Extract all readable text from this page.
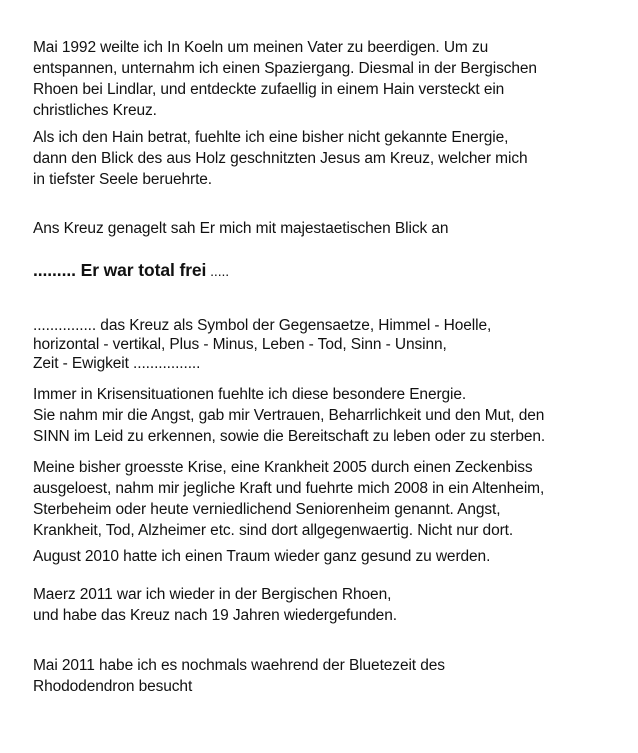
Mai 1992 weilte ich In Koeln um meinen Vater zu beerdigen. Um zu
entspannen, unternahm ich einen Spaziergang. Diesmal in der Bergischen
Rhoen bei Lindlar, und entdeckte zufaellig in einem Hain versteckt ein
christliches Kreuz.
Als ich den Hain betrat, fuehlte ich eine bisher nicht gekannte Energie,
dann den Blick des aus Holz geschnitzten Jesus am Kreuz, welcher mich
in tiefster Seele beruehrte.
Ans Kreuz genagelt sah Er mich mit majestaetischen Blick an
......... Er war total frei .....
............... das Kreuz als Symbol der Gegensaetze, Himmel - Hoelle,
horizontal - vertikal, Plus - Minus, Leben - Tod, Sinn - Unsinn,
Zeit - Ewigkeit ................
Immer in Krisensituationen fuehlte ich diese besondere Energie.
Sie nahm mir die Angst, gab mir Vertrauen, Beharrlichkeit und den Mut, den
SINN im Leid zu erkennen, sowie die Bereitschaft zu leben oder zu sterben.
Meine bisher groesste Krise, eine Krankheit 2005 durch einen Zeckenbiss
ausgeloest, nahm mir jegliche Kraft und fuehrte mich 2008 in ein Altenheim,
Sterbeheim oder heute verniedlichend Seniorenheim genannt. Angst,
Krankheit, Tod, Alzheimer etc. sind dort allgegenwaertig. Nicht nur dort.
August 2010 hatte ich einen Traum wieder ganz gesund zu werden.
Maerz 2011 war ich wieder in der Bergischen Rhoen,
und habe das Kreuz nach 19 Jahren wiedergefunden.
Mai 2011 habe ich es nochmals waehrend der Bluetezeit des
Rhododendron besucht
